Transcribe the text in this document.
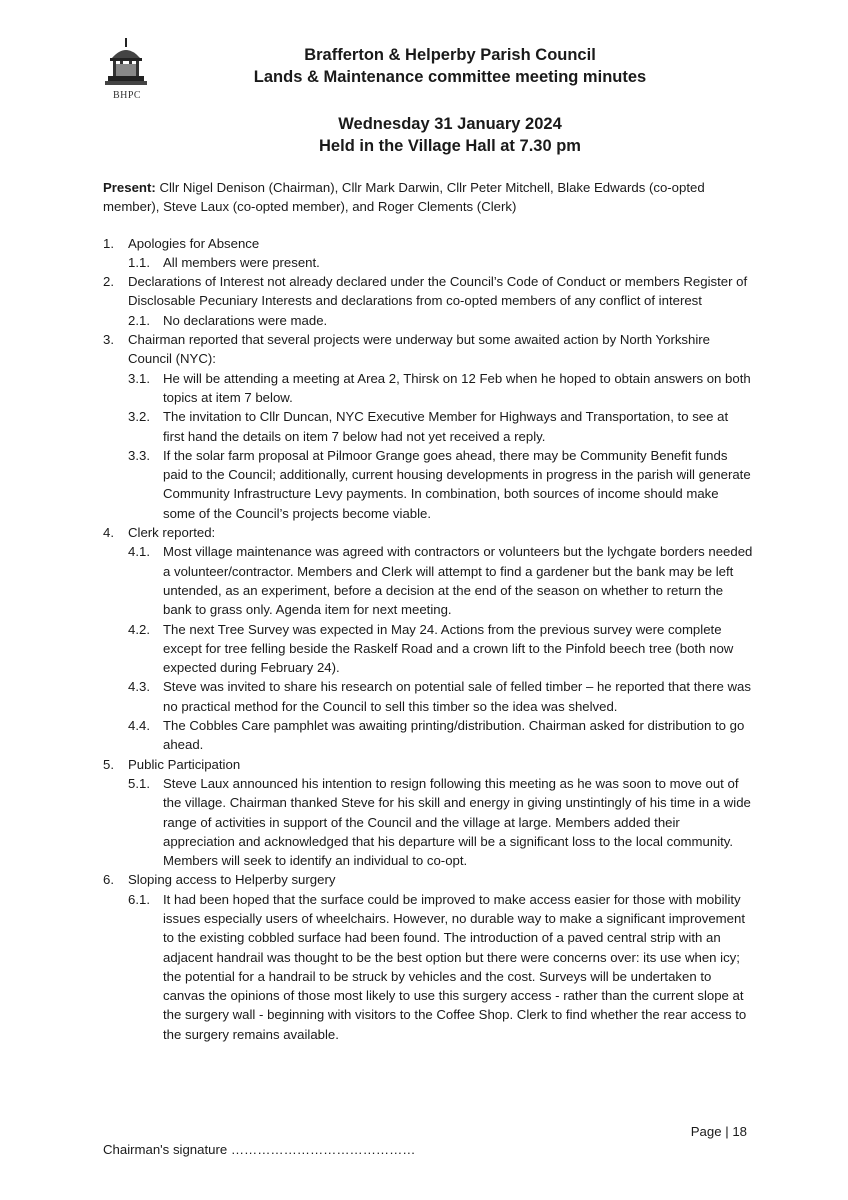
BHPC
Brafferton & Helperby Parish Council
Lands & Maintenance committee meeting minutes
Wednesday 31 January 2024
Held in the Village Hall at 7.30 pm

Present: Cllr Nigel Denison (Chairman), Cllr Mark Darwin, Cllr Peter Mitchell, Blake Edwards (co-opted member), Steve Laux (co-opted member), and Roger Clements (Clerk)

1. Apologies for Absence
1.1. All members were present.
2. Declarations of Interest not already declared under the Council’s Code of Conduct or members Register of Disclosable Pecuniary Interests and declarations from co-opted members of any conflict of interest
2.1. No declarations were made.
3. Chairman reported that several projects were underway but some awaited action by North Yorkshire Council (NYC):
3.1. He will be attending a meeting at Area 2, Thirsk on 12 Feb when he hoped to obtain answers on both topics at item 7 below.
3.2. The invitation to Cllr Duncan, NYC Executive Member for Highways and Transportation, to see at first hand the details on item 7 below had not yet received a reply.
3.3. If the solar farm proposal at Pilmoor Grange goes ahead, there may be Community Benefit funds paid to the Council; additionally, current housing developments in progress in the parish will generate Community Infrastructure Levy payments. In combination, both sources of income should make some of the Council’s projects become viable.
4. Clerk reported:
4.1. Most village maintenance was agreed with contractors or volunteers but the lychgate borders needed a volunteer/contractor. Members and Clerk will attempt to find a gardener but the bank may be left untended, as an experiment, before a decision at the end of the season on whether to return the bank to grass only. Agenda item for next meeting.
4.2. The next Tree Survey was expected in May 24. Actions from the previous survey were complete except for tree felling beside the Raskelf Road and a crown lift to the Pinfold beech tree (both now expected during February 24).
4.3. Steve was invited to share his research on potential sale of felled timber – he reported that there was no practical method for the Council to sell this timber so the idea was shelved.
4.4. The Cobbles Care pamphlet was awaiting printing/distribution. Chairman asked for distribution to go ahead.
5. Public Participation
5.1. Steve Laux announced his intention to resign following this meeting as he was soon to move out of the village. Chairman thanked Steve for his skill and energy in giving unstintingly of his time in a wide range of activities in support of the Council and the village at large. Members added their appreciation and acknowledged that his departure will be a significant loss to the local community. Members will seek to identify an individual to co-opt.
6. Sloping access to Helperby surgery
6.1. It had been hoped that the surface could be improved to make access easier for those with mobility issues especially users of wheelchairs. However, no durable way to make a significant improvement to the existing cobbled surface had been found. The introduction of a paved central strip with an adjacent handrail was thought to be the best option but there were concerns over: its use when icy; the potential for a handrail to be struck by vehicles and the cost. Surveys will be undertaken to canvas the opinions of those most likely to use this surgery access - rather than the current slope at the surgery wall - beginning with visitors to the Coffee Shop. Clerk to find whether the rear access to the surgery remains available.
Page | 18
Chairman's signature ……………………………………
